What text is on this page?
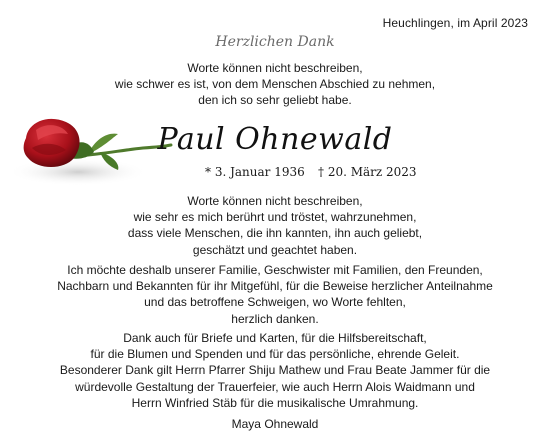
Heuchlingen, im April 2023
Herzlichen Dank
Worte können nicht beschreiben,
wie schwer es ist, von dem Menschen Abschied zu nehmen,
den ich so sehr geliebt habe.
Paul Ohnewald
* 3. Januar 1936 † 20. März 2023
Worte können nicht beschreiben,
wie sehr es mich berührt und tröstet, wahrzunehmen,
dass viele Menschen, die ihn kannten, ihn auch geliebt,
geschätzt und geachtet haben.
Ich möchte deshalb unserer Familie, Geschwister mit Familien, den Freunden,
Nachbarn und Bekannten für ihr Mitgefühl, für die Beweise herzlicher Anteilnahme
und das betroffene Schweigen, wo Worte fehlten,
herzlich danken.
Dank auch für Briefe und Karten, für die Hilfsbereitschaft,
für die Blumen und Spenden und für das persönliche, ehrende Geleit.
Besonderer Dank gilt Herrn Pfarrer Shiju Mathew und Frau Beate Jammer für die
würdevolle Gestaltung der Trauerfeier, wie auch Herrn Alois Waidmann und
Herrn Winfried Stäb für die musikalische Umrahmung.
Maya Ohnewald
